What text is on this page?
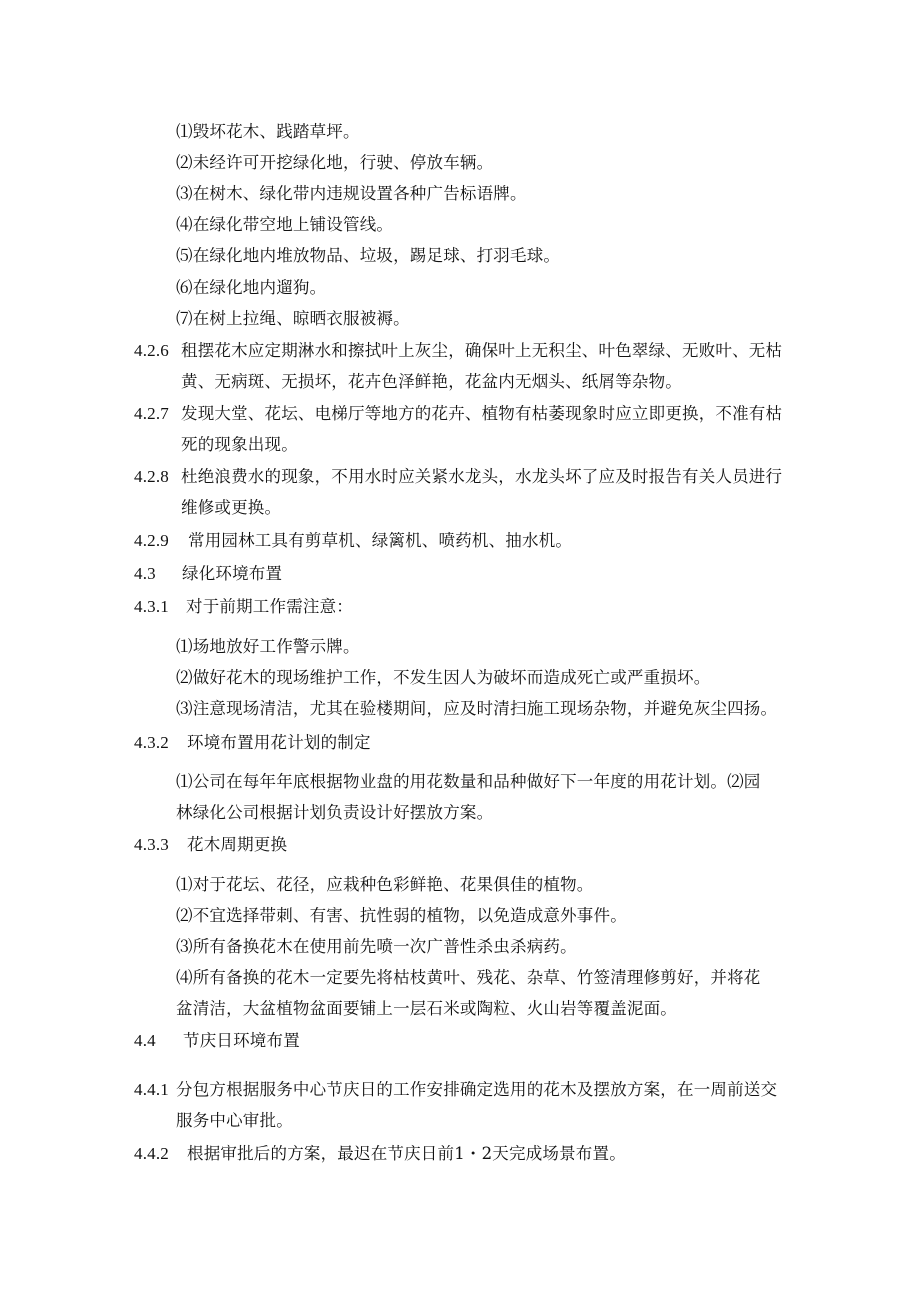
⑴毁坏花木、践踏草坪。
⑵未经许可开挖绿化地，行驶、停放车辆。
⑶在树木、绿化带内违规设置各种广告标语牌。
⑷在绿化带空地上铺设管线。
⑸在绿化地内堆放物品、垃圾，踢足球、打羽毛球。
⑹在绿化地内遛狗。
⑺在树上拉绳、晾晒衣服被褥。
4.2.6 租摆花木应定期淋水和擦拭叶上灰尘，确保叶上无积尘、叶色翠绿、无败叶、无枯
黄、无病斑、无损坏，花卉色泽鲜艳，花盆内无烟头、纸屑等杂物。
4.2.7 发现大堂、花坛、电梯厅等地方的花卉、植物有枯萎现象时应立即更换，不准有枯
死的现象出现。
4.2.8 杜绝浪费水的现象，不用水时应关紧水龙头，水龙头坏了应及时报告有关人员进行
维修或更换。
4.2.9 常用园林工具有剪草机、绿篱机、喷药机、抽水机。
4.3 绿化环境布置
4.3.1 对于前期工作需注意：
⑴场地放好工作警示牌。
⑵做好花木的现场维护工作，不发生因人为破坏而造成死亡或严重损坏。
⑶注意现场清洁，尤其在验楼期间，应及时清扫施工现场杂物，并避免灰尘四扬。
4.3.2 环境布置用花计划的制定
⑴公司在每年年底根据物业盘的用花数量和品种做好下一年度的用花计划。⑵园
林绿化公司根据计划负责设计好摆放方案。
4.3.3 花木周期更换
⑴对于花坛、花径，应栽种色彩鲜艳、花果俱佳的植物。
⑵不宜选择带刺、有害、抗性弱的植物，以免造成意外事件。
⑶所有备换花木在使用前先喷一次广普性杀虫杀病药。
⑷所有备换的花木一定要先将枯枝黄叶、残花、杂草、竹签清理修剪好，并将花
盆清洁，大盆植物盆面要铺上一层石米或陶粒、火山岩等覆盖泥面。
4.4 节庆日环境布置
4.4.1 分包方根据服务中心节庆日的工作安排确定选用的花木及摆放方案，在一周前送交
服务中心审批。
4.4.2 根据审批后的方案，最迟在节庆日前1・2天完成场景布置。
